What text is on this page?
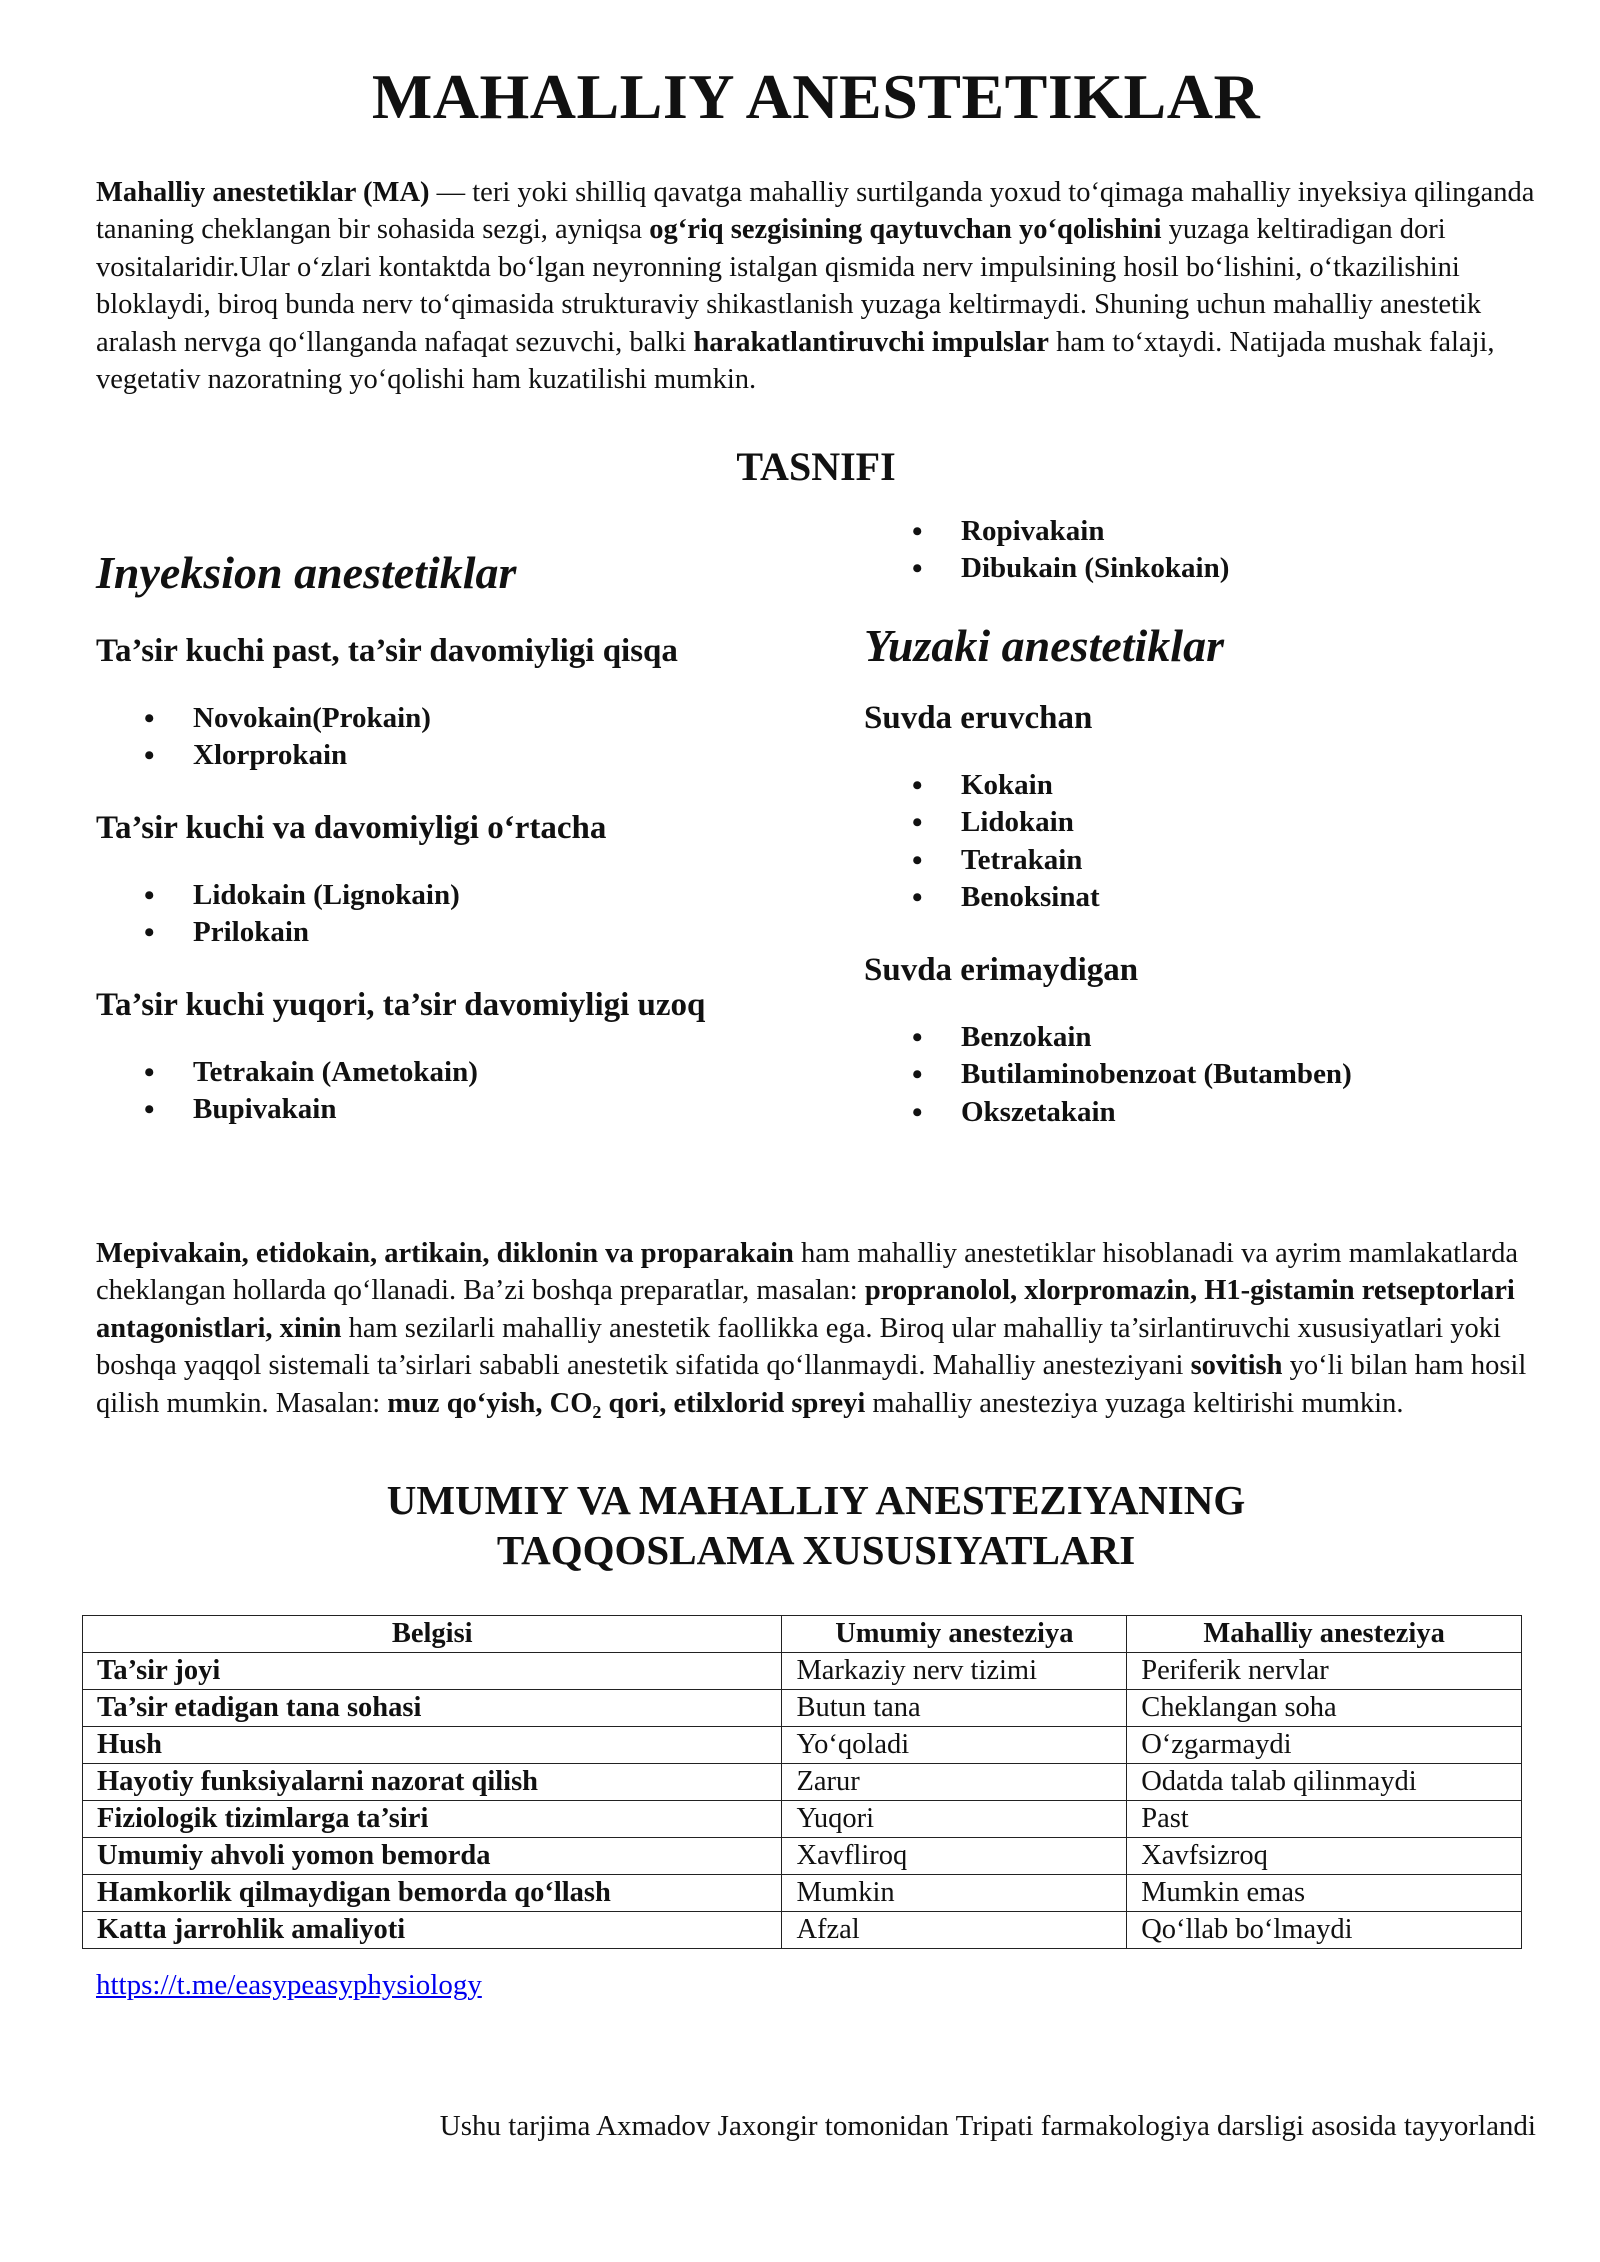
MAHALLIY ANESTETIKLAR

Mahalliy anestetiklar (MA) — teri yoki shilliq qavatga mahalliy surtilganda yoxud to‘qimaga mahalliy inyeksiya qilinganda tananing cheklangan bir sohasida sezgi, ayniqsa og‘riq sezgisining qaytuvchan yo‘qolishini yuzaga keltiradigan dori vositalaridir.Ular o‘zlari kontaktda bo‘lgan neyronning istalgan qismida nerv impulsining hosil bo‘lishini, o‘tkazilishini bloklaydi, biroq bunda nerv to‘qimasida strukturaviy shikastlanish yuzaga keltirmaydi. Shuning uchun mahalliy anestetik aralash nervga qo‘llanganda nafaqat sezuvchi, balki harakatlantiruvchi impulslar ham to‘xtaydi. Natijada mushak falaji, vegetativ nazoratning yo‘qolishi ham kuzatilishi mumkin.

TASNIFI
Inyeksion anestetiklar
Ta’sir kuchi past, ta’sir davomiyligi qisqa
• Novokain(Prokain)
• Xlorprokain
Ta’sir kuchi va davomiyligi o‘rtacha
• Lidokain (Lignokain)
• Prilokain
Ta’sir kuchi yuqori, ta’sir davomiyligi uzoq
• Tetrakain (Ametokain)
• Bupivakain
• Ropivakain
• Dibukain (Sinkokain)
Yuzaki anestetiklar
Suvda eruvchan
• Kokain
• Lidokain
• Tetrakain
• Benoksinat
Suvda erimaydigan
• Benzokain
• Butilaminobenzoat (Butamben)
• Okszetakain

Mepivakain, etidokain, artikain, diklonin va proparakain ham mahalliy anestetiklar hisoblanadi va ayrim mamlakatlarda cheklangan hollarda qo‘llanadi. Ba’zi boshqa preparatlar, masalan: propranolol, xlorpromazin, H1-gistamin retseptorlari antagonistlari, xinin ham sezilarli mahalliy anestetik faollikka ega. Biroq ular mahalliy ta’sirlantiruvchi xususiyatlari yoki boshqa yaqqol sistemali ta’sirlari sababli anestetik sifatida qo‘llanmaydi. Mahalliy anesteziyani sovitish yo‘li bilan ham hosil qilish mumkin. Masalan: muz qo‘yish, $CO_2$ qori, etilxlorid spreyi mahalliy anesteziya yuzaga keltirishi mumkin.

UMUMIY VA MAHALLIY ANESTEZIYANING TAQQOSLAMA XUSUSIYATLARI
Belgisi	Umumiy anesteziya	Mahalliy anesteziya
Ta’sir joyi	Markaziy nerv tizimi	Periferik nervlar
Ta’sir etadigan tana sohasi	Butun tana	Cheklangan soha
Hush	Yo‘qoladi	O‘zgarmaydi
Hayotiy funksiyalarni nazorat qilish	Zarur	Odatda talab qilinmaydi
Fiziologik tizimlarga ta’siri	Yuqori	Past
Umumiy ahvoli yomon bemorda	Xavfliroq	Xavfsizroq
Hamkorlik qilmaydigan bemorda qo‘llash	Mumkin	Mumkin emas
Katta jarrohlik amaliyoti	Afzal	Qo‘llab bo‘lmaydi
https://t.me/easypeasyphysiology
Ushu tarjima Axmadov Jaxongir tomonidan Tripati farmakologiya darsligi asosida tayyorlandi
